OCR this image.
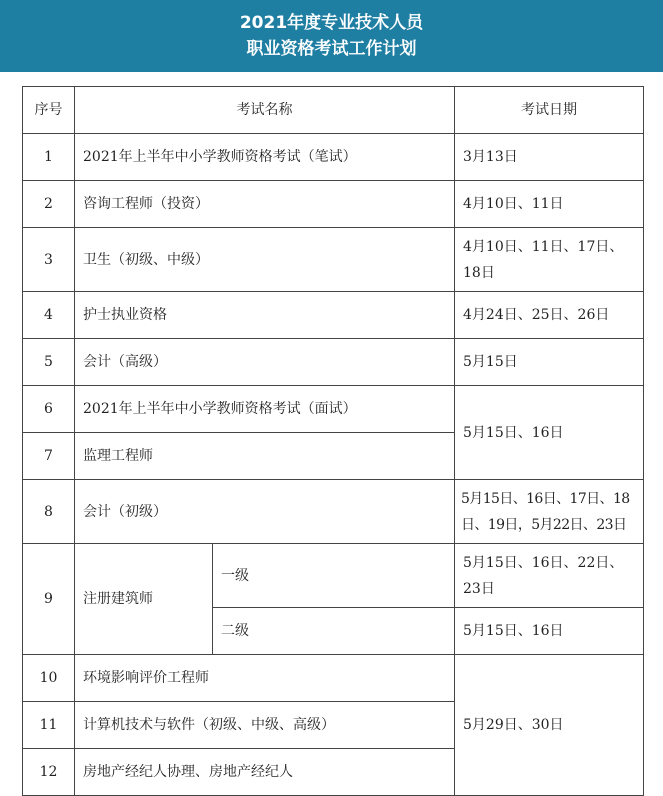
2021年度专业技术人员
职业资格考试工作计划
序号	考试名称		考试日期
1	2021年上半年中小学教师资格考试（笔试）		3月13日
2	咨询工程师（投资）		4月10日、11日
3	卫生（初级、中级）		4月10日、11日、17日、18日
4	护士执业资格		4月24日、25日、26日
5	会计（高级）		5月15日
6	2021年上半年中小学教师资格考试（面试）		5月15日、16日
7	监理工程师		
8	会计（初级）		5月15日、16日、17日、18日、19日，5月22日、23日
9	注册建筑师	一级	5月15日、16日、22日、23日
		二级	5月15日、16日
10	环境影响评价工程师		5月29日、30日
11	计算机技术与软件（初级、中级、高级）		
12	房地产经纪人协理、房地产经纪人		
